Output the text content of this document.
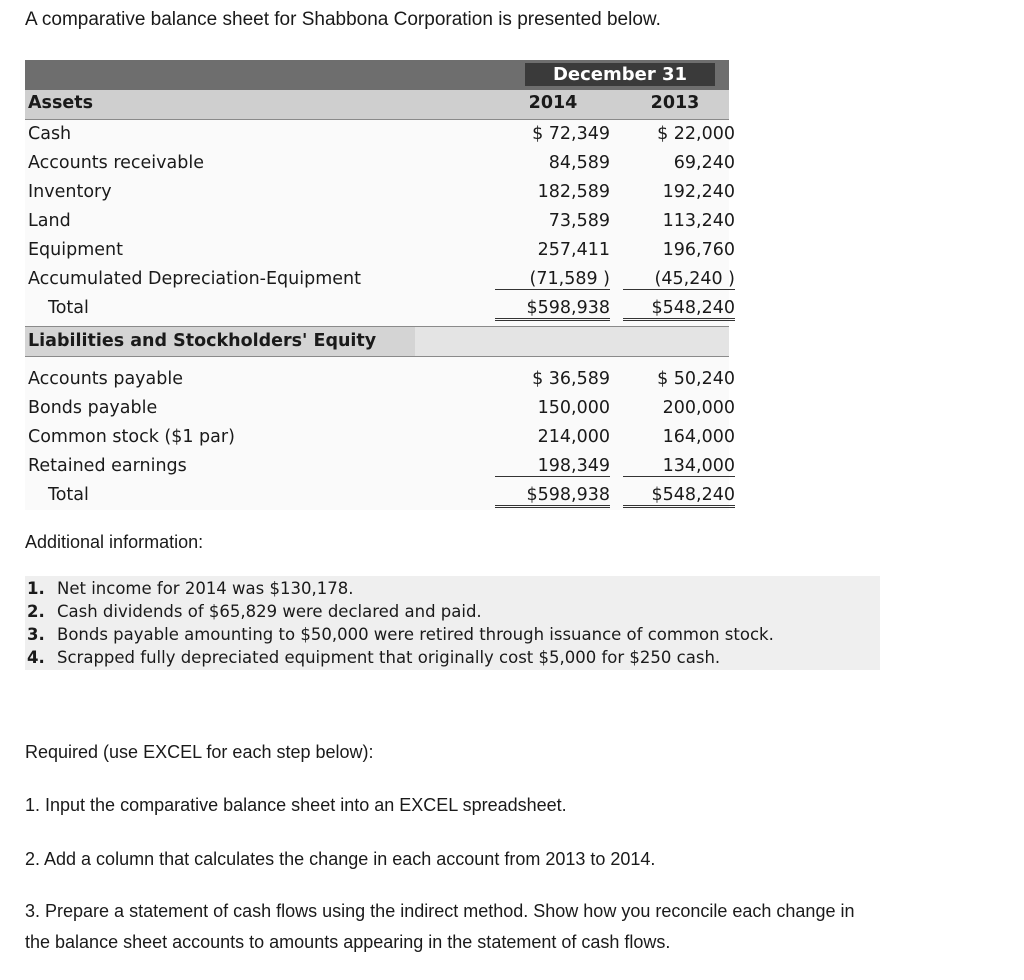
A comparative balance sheet for Shabbona Corporation is presented below.
December 31
Assets	2014	2013
Cash	$ 72,349	$ 22,000
Accounts receivable	84,589	69,240
Inventory	182,589	192,240
Land	73,589	113,240
Equipment	257,411	196,760
Accumulated Depreciation-Equipment	(71,589 )	(45,240 )
Total	$598,938	$548,240
Liabilities and Stockholders' Equity
Accounts payable	$ 36,589	$ 50,240
Bonds payable	150,000	200,000
Common stock ($1 par)	214,000	164,000
Retained earnings	198,349	134,000
Total	$598,938	$548,240
Additional information:
1. Net income for 2014 was $130,178.
2. Cash dividends of $65,829 were declared and paid.
3. Bonds payable amounting to $50,000 were retired through issuance of common stock.
4. Scrapped fully depreciated equipment that originally cost $5,000 for $250 cash.
Required (use EXCEL for each step below):
1. Input the comparative balance sheet into an EXCEL spreadsheet.
2. Add a column that calculates the change in each account from 2013 to 2014.
3. Prepare a statement of cash flows using the indirect method. Show how you reconcile each change in
the balance sheet accounts to amounts appearing in the statement of cash flows.
